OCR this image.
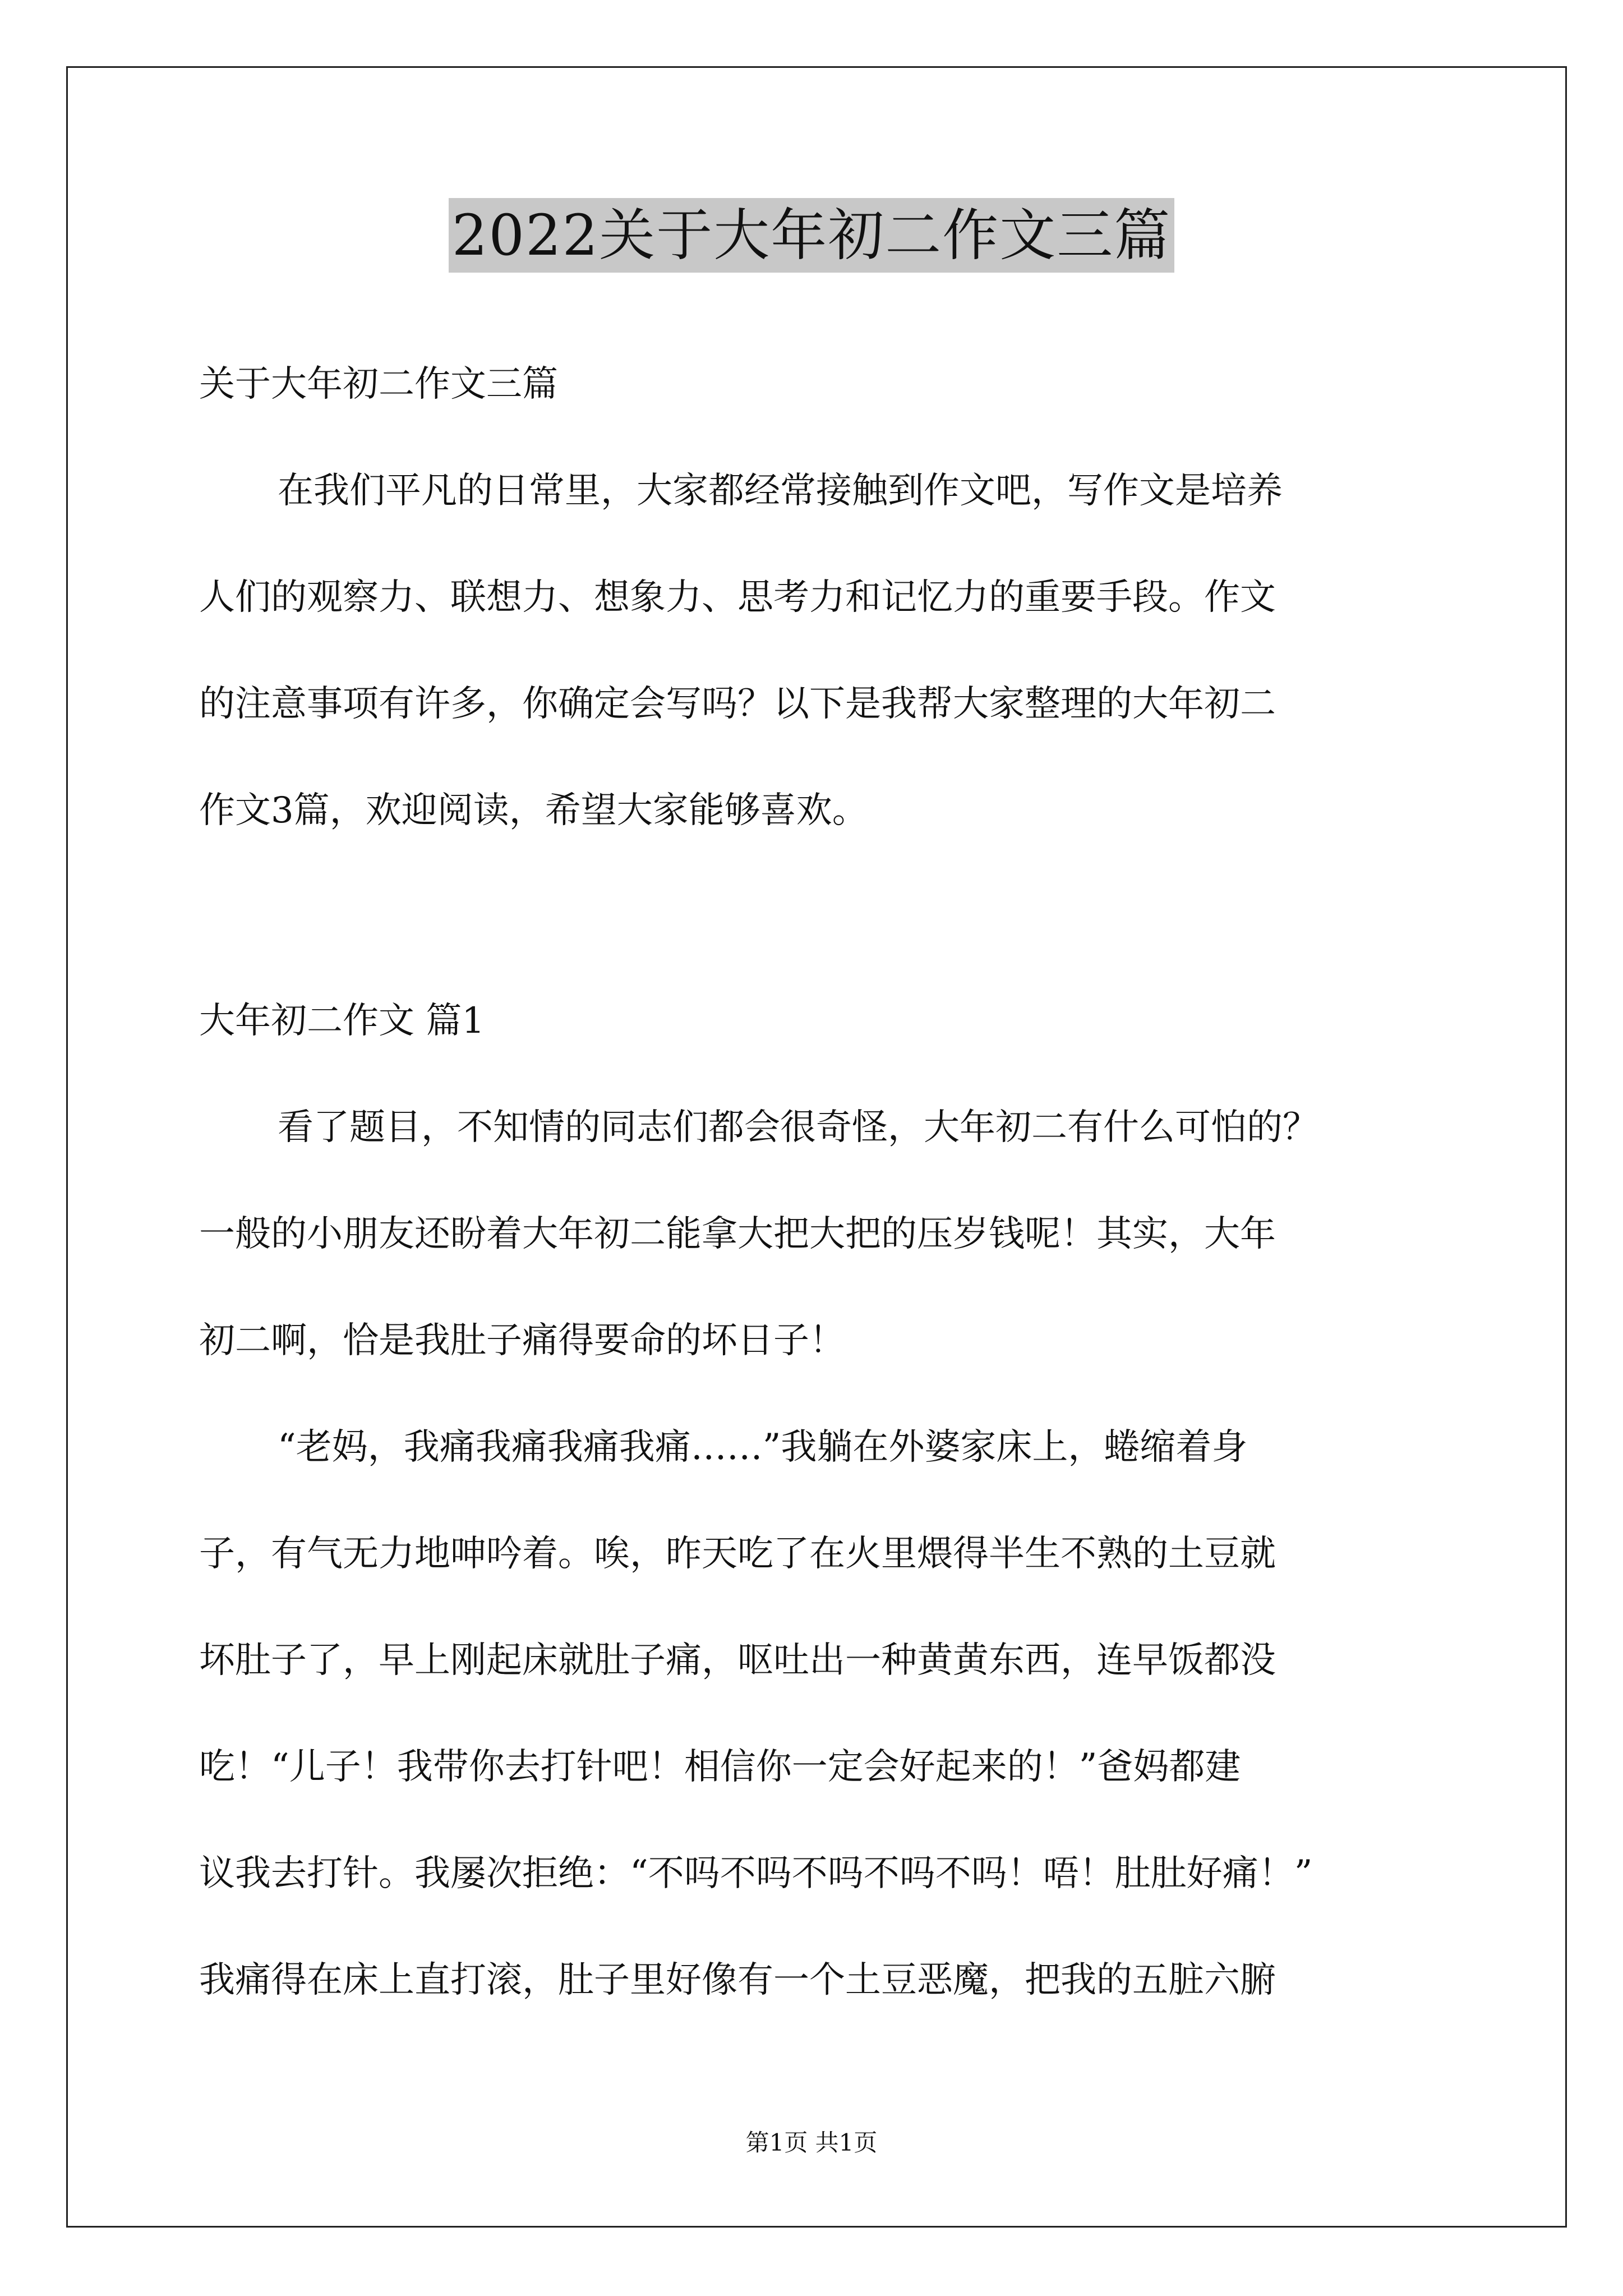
2022关于大年初二作文三篇
关于大年初二作文三篇
在我们平凡的日常里，大家都经常接触到作文吧，写作文是培养
人们的观察力、联想力、想象力、思考力和记忆力的重要手段。作文
的注意事项有许多，你确定会写吗？以下是我帮大家整理的大年初二
作文3篇，欢迎阅读，希望大家能够喜欢。
大年初二作文 篇1
看了题目，不知情的同志们都会很奇怪，大年初二有什么可怕的？
一般的小朋友还盼着大年初二能拿大把大把的压岁钱呢！其实，大年
初二啊，恰是我肚子痛得要命的坏日子！
“老妈，我痛我痛我痛我痛……”我躺在外婆家床上，蜷缩着身
子，有气无力地呻吟着。唉，昨天吃了在火里煨得半生不熟的土豆就
坏肚子了，早上刚起床就肚子痛，呕吐出一种黄黄东西，连早饭都没
吃！“儿子！我带你去打针吧！相信你一定会好起来的！”爸妈都建
议我去打针。我屡次拒绝：“不吗不吗不吗不吗不吗！唔！肚肚好痛！”
我痛得在床上直打滚，肚子里好像有一个土豆恶魔，把我的五脏六腑
第1页 共1页
